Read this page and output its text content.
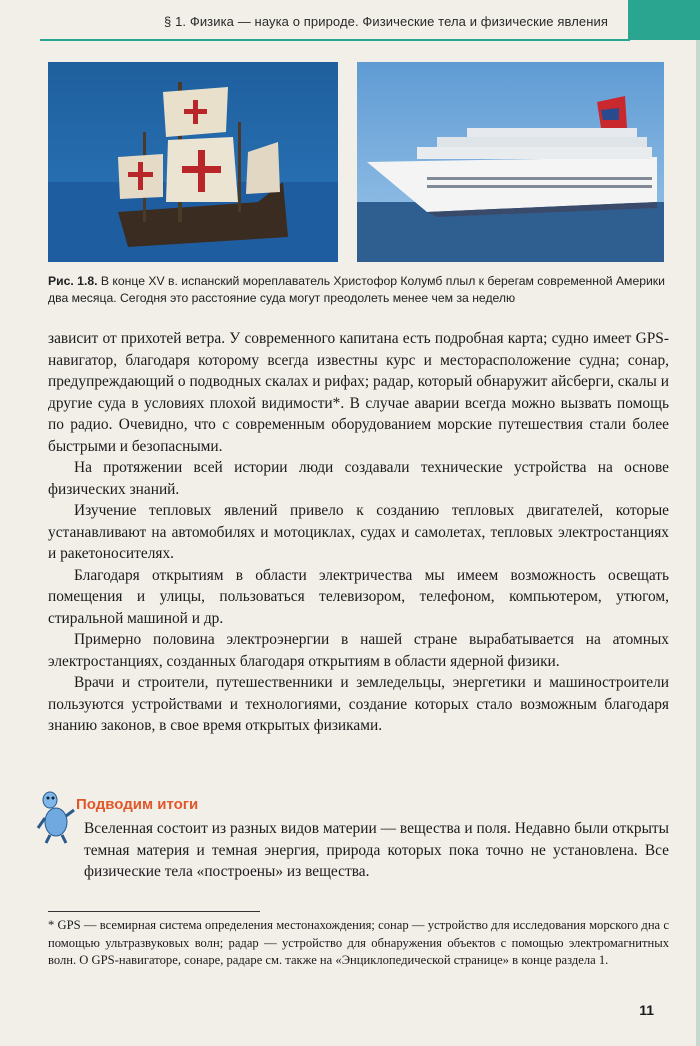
§ 1. Физика — наука о природе. Физические тела и физические явления
Рис. 1.8. В конце XV в. испанский мореплаватель Христофор Колумб плыл к берегам современной Америки два месяца. Сегодня это расстояние суда могут преодолеть менее чем за неделю

зависит от прихотей ветра. У современного капитана есть подробная карта; судно имеет GPS-навигатор, благодаря которому всегда известны курс и месторасположение судна; сонар, предупреждающий о подводных скалах и рифах; радар, который обнаружит айсберги, скалы и другие суда в условиях плохой видимости*. В случае аварии всегда можно вызвать помощь по радио. Очевидно, что с современным оборудованием морские путешествия стали более быстрыми и безопасными.

На протяжении всей истории люди создавали технические устройства на основе физических знаний.

Изучение тепловых явлений привело к созданию тепловых двигателей, которые устанавливают на автомобилях и мотоциклах, судах и самолетах, тепловых электростанциях и ракетоносителях.

Благодаря открытиям в области электричества мы имеем возможность освещать помещения и улицы, пользоваться телевизором, телефоном, компьютером, утюгом, стиральной машиной и др.

Примерно половина электроэнергии в нашей стране вырабатывается на атомных электростанциях, созданных благодаря открытиям в области ядерной физики.

Врачи и строители, путешественники и земледельцы, энергетики и машиностроители пользуются устройствами и технологиями, создание которых стало возможным благодаря знанию законов, в свое время открытых физиками.

Подводим итоги

Вселенная состоит из разных видов материи — вещества и поля. Недавно были открыты темная материя и темная энергия, природа которых пока точно не установлена. Все физические тела «построены» из вещества.

* GPS — всемирная система определения местонахождения; сонар — устройство для исследования морского дна с помощью ультразвуковых волн; радар — устройство для обнаружения объектов с помощью электромагнитных волн. О GPS-навигаторе, сонаре, радаре см. также на «Энциклопедической странице» в конце раздела 1.

11
